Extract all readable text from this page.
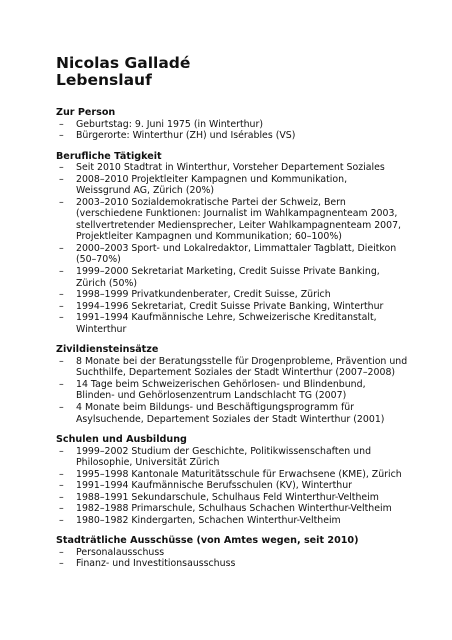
Nicolas Galladé
Lebenslauf
Zur Person
– Geburtstag: 9. Juni 1975 (in Winterthur)
– Bürgerorte: Winterthur (ZH) und Isérables (VS)
Berufliche Tätigkeit
– Seit 2010 Stadtrat in Winterthur, Vorsteher Departement Soziales
– 2008–2010 Projektleiter Kampagnen und Kommunikation,
Weissgrund AG, Zürich (20%)
– 2003–2010 Sozialdemokratische Partei der Schweiz, Bern
(verschiedene Funktionen: Journalist im Wahlkampagnenteam 2003,
stellvertretender Mediensprecher, Leiter Wahlkampagnenteam 2007,
Projektleiter Kampagnen und Kommunikation; 60–100%)
– 2000–2003 Sport- und Lokalredaktor, Limmattaler Tagblatt, Dieitkon
(50–70%)
– 1999–2000 Sekretariat Marketing, Credit Suisse Private Banking,
Zürich (50%)
– 1998–1999 Privatkundenberater, Credit Suisse, Zürich
– 1994–1996 Sekretariat, Credit Suisse Private Banking, Winterthur
– 1991–1994 Kaufmännische Lehre, Schweizerische Kreditanstalt,
Winterthur
Zivildiensteinsätze
– 8 Monate bei der Beratungsstelle für Drogenprobleme, Prävention und
Suchthilfe, Departement Soziales der Stadt Winterthur (2007–2008)
– 14 Tage beim Schweizerischen Gehörlosen- und Blindenbund,
Blinden- und Gehörlosenzentrum Landschlacht TG (2007)
– 4 Monate beim Bildungs- und Beschäftigungsprogramm für
Asylsuchende, Departement Soziales der Stadt Winterthur (2001)
Schulen und Ausbildung
– 1999–2002 Studium der Geschichte, Politikwissenschaften und
Philosophie, Universität Zürich
– 1995–1998 Kantonale Maturitätsschule für Erwachsene (KME), Zürich
– 1991–1994 Kaufmännische Berufsschulen (KV), Winterthur
– 1988–1991 Sekundarschule, Schulhaus Feld Winterthur-Veltheim
– 1982–1988 Primarschule, Schulhaus Schachen Winterthur-Veltheim
– 1980–1982 Kindergarten, Schachen Winterthur-Veltheim
Stadträtliche Ausschüsse (von Amtes wegen, seit 2010)
– Personalausschuss
– Finanz- und Investitionsausschuss
